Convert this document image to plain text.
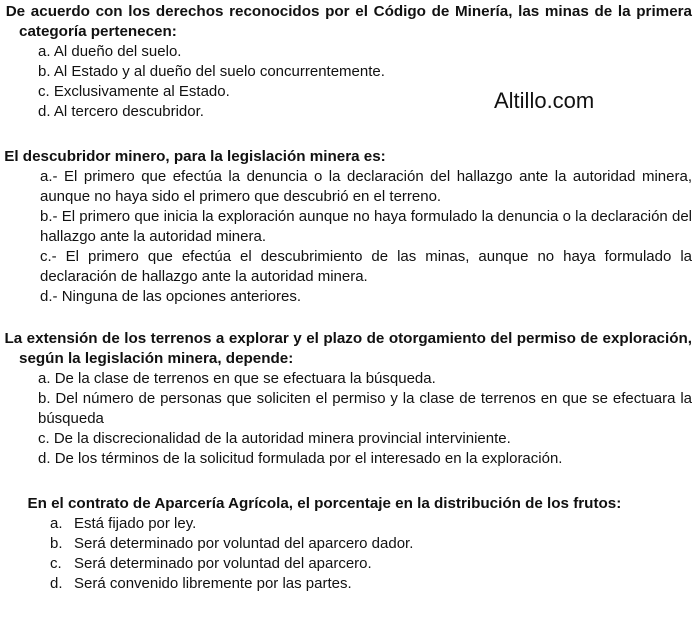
Altillo.com

De acuerdo con los derechos reconocidos por el Código de Minería, las minas de la primera categoría pertenecen:

a. Al dueño del suelo.

b. Al Estado y al dueño del suelo concurrentemente.

c. Exclusivamente al Estado.

d. Al tercero descubridor.

El descubridor minero, para la legislación minera es:

a.- El primero que efectúa la denuncia o la declaración del hallazgo ante la autoridad minera, aunque no haya sido el primero que descubrió en el terreno.

b.- El primero que inicia la exploración aunque no haya formulado la denuncia o la declaración del hallazgo ante la autoridad minera.

c.- El primero que efectúa el descubrimiento de las minas, aunque no haya formulado la declaración de hallazgo ante la autoridad minera.

d.- Ninguna de las opciones anteriores.

La extensión de los terrenos a explorar y el plazo de otorgamiento del permiso de exploración, según la legislación minera, depende:

a. De la clase de terrenos en que se efectuara la búsqueda.

b. Del número de personas que soliciten el permiso y la clase de terrenos en que se efectuara la búsqueda

c. De la discrecionalidad de la autoridad minera provincial interviniente.

d. De los términos de la solicitud formulada por el interesado en la exploración.

En el contrato de Aparcería Agrícola, el porcentaje en la distribución de los frutos:

a. Está fijado por ley.

b. Será determinado por voluntad del aparcero dador.

c. Será determinado por voluntad del aparcero.

d. Será convenido libremente por las partes.
